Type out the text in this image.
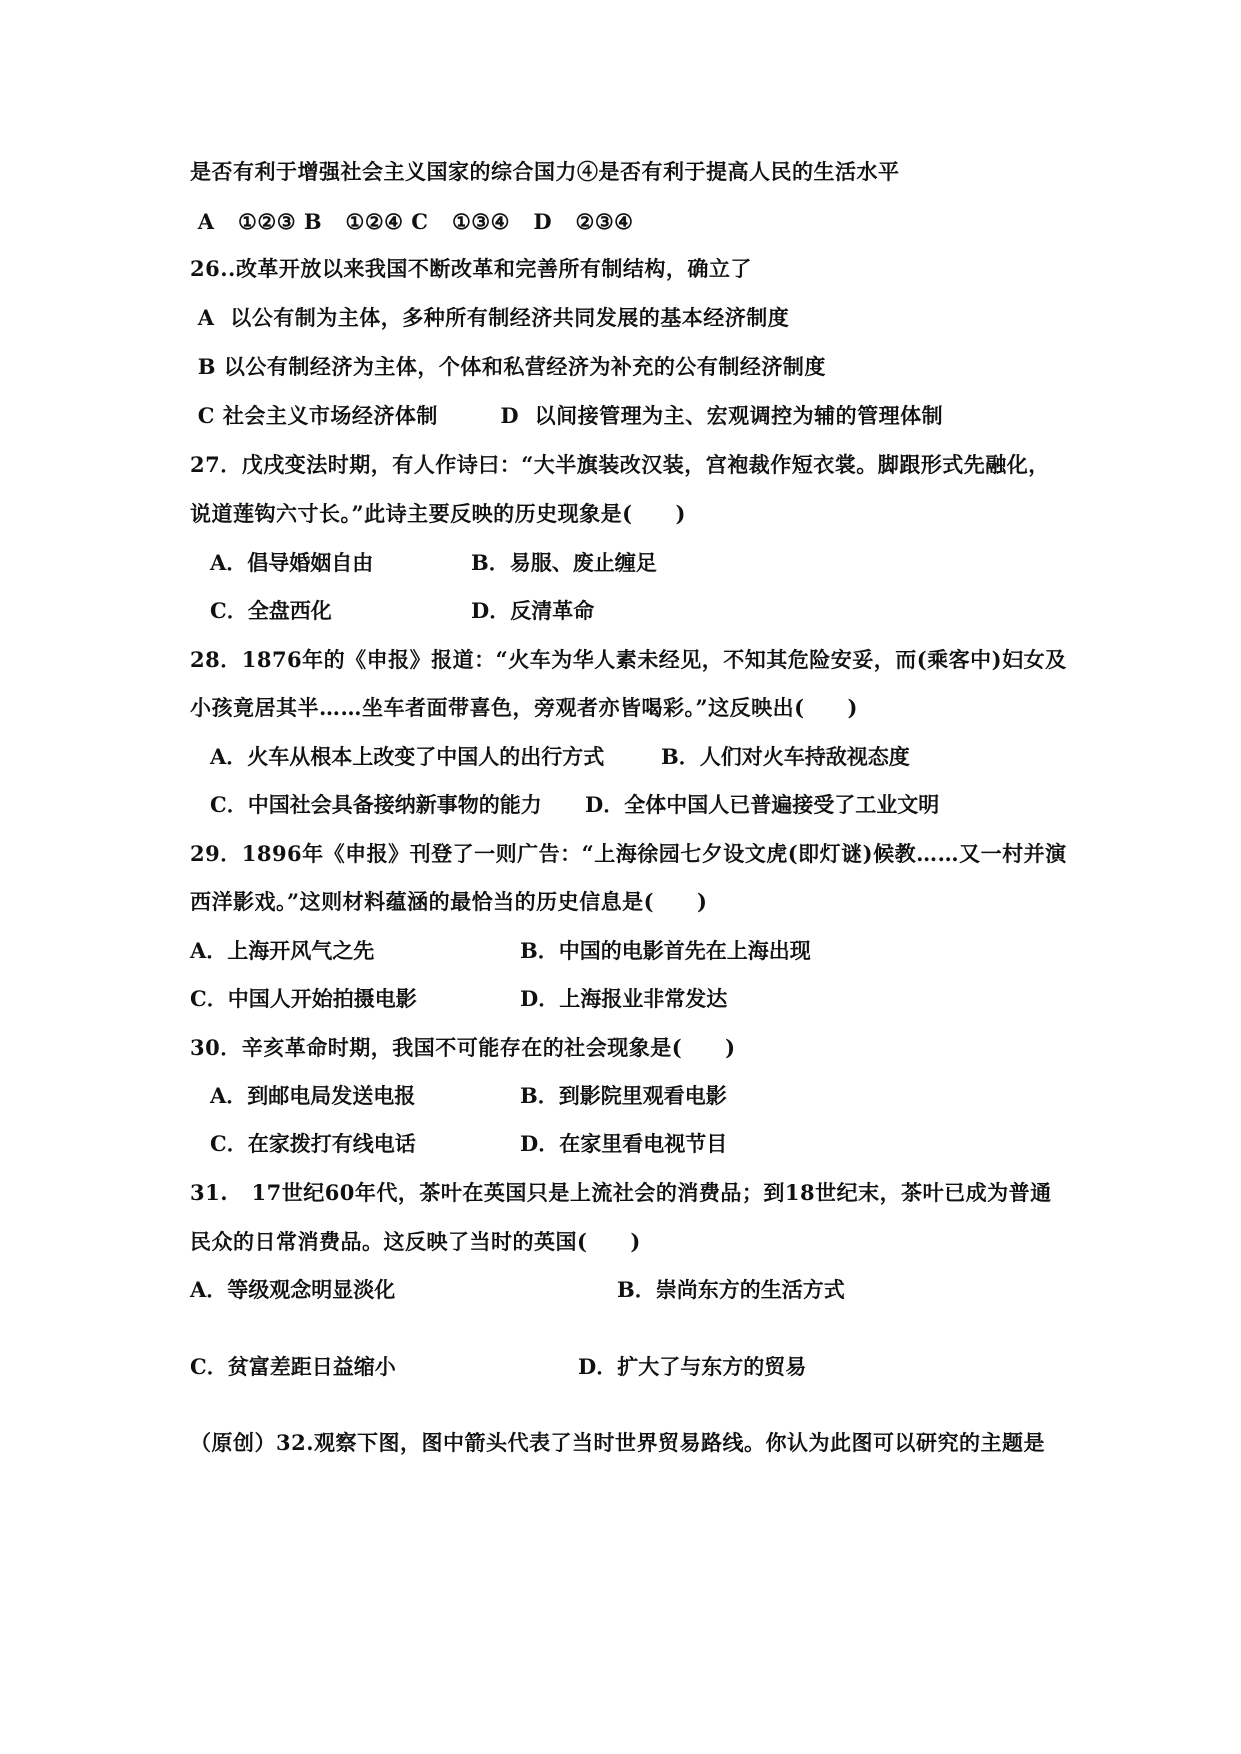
是否有利于增强社会主义国家的综合国力④是否有利于提高人民的生活水平
A   ①②③ B   ①②④ C   ①③④   D   ②③④
26..改革开放以来我国不断改革和完善所有制结构，确立了
A  以公有制为主体，多种所有制经济共同发展的基本经济制度
B 以公有制经济为主体，个体和私营经济为补充的公有制经济制度
C 社会主义市场经济体制        D  以间接管理为主、宏观调控为辅的管理体制
27．戊戌变法时期，有人作诗曰：“大半旗装改汉装，宫袍裁作短衣裳。脚跟形式先融化，
说道莲钩六寸长。”此诗主要反映的历史现象是(　　)
A．倡导婚姻自由	B．易服、废止缠足
C．全盘西化	D．反清革命
28．1876年的《申报》报道：“火车为华人素未经见，不知其危险安妥，而(乘客中)妇女及
小孩竟居其半……坐车者面带喜色，旁观者亦皆喝彩。”这反映出(　　)
A．火车从根本上改变了中国人的出行方式	B．人们对火车持敌视态度
C．中国社会具备接纳新事物的能力 D．全体中国人已普遍接受了工业文明
29．1896年《申报》刊登了一则广告：“上海徐园七夕设文虎(即灯谜)候教……又一村并演
西洋影戏。”这则材料蕴涵的最恰当的历史信息是(　　)
A．上海开风气之先	B．中国的电影首先在上海出现
C．中国人开始拍摄电影	D．上海报业非常发达
30．辛亥革命时期，我国不可能存在的社会现象是(　　)
A．到邮电局发送电报	B．到影院里观看电影
C．在家拨打有线电话	D．在家里看电视节目
31.   17世纪60年代，茶叶在英国只是上流社会的消费品；到18世纪末，茶叶已成为普通
民众的日常消费品。这反映了当时的英国(　　)
A．等级观念明显淡化	B．崇尚东方的生活方式
C．贫富差距日益缩小	D．扩大了与东方的贸易
（原创）32.观察下图，图中箭头代表了当时世界贸易路线。你认为此图可以研究的主题是
